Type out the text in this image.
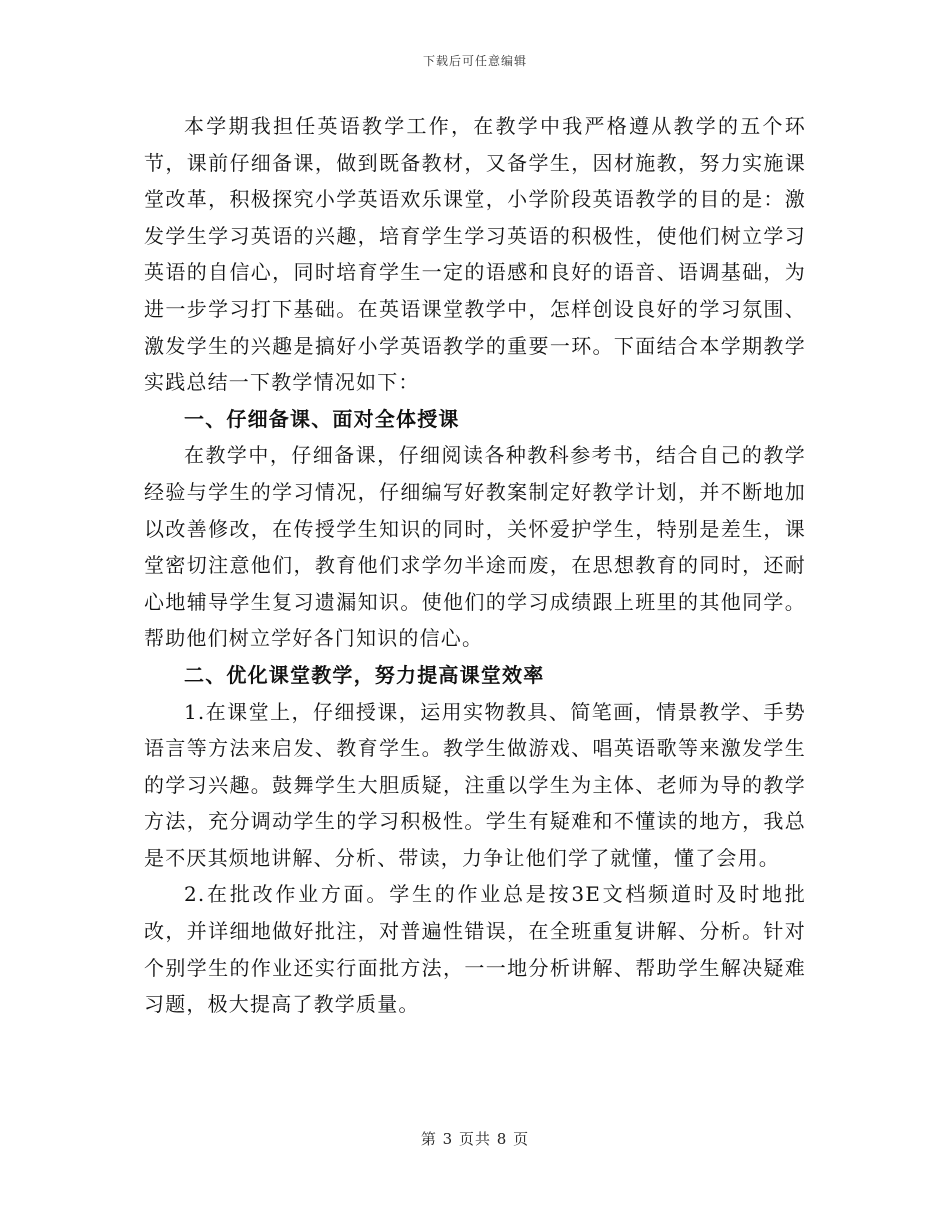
下载后可任意编辑

本学期我担任英语教学工作，在教学中我严格遵从教学的五个环节，课前仔细备课，做到既备教材，又备学生，因材施教，努力实施课堂改革，积极探究小学英语欢乐课堂，小学阶段英语教学的目的是：激发学生学习英语的兴趣，培育学生学习英语的积极性，使他们树立学习英语的自信心，同时培育学生一定的语感和良好的语音、语调基础，为进一步学习打下基础。在英语课堂教学中，怎样创设良好的学习氛围、激发学生的兴趣是搞好小学英语教学的重要一环。下面结合本学期教学实践总结一下教学情况如下：

一、仔细备课、面对全体授课

在教学中，仔细备课，仔细阅读各种教科参考书，结合自己的教学经验与学生的学习情况，仔细编写好教案制定好教学计划，并不断地加以改善修改，在传授学生知识的同时，关怀爱护学生，特别是差生，课堂密切注意他们，教育他们求学勿半途而废，在思想教育的同时，还耐心地辅导学生复习遗漏知识。使他们的学习成绩跟上班里的其他同学。帮助他们树立学好各门知识的信心。

二、优化课堂教学，努力提高课堂效率

1.在课堂上，仔细授课，运用实物教具、简笔画，情景教学、手势语言等方法来启发、教育学生。教学生做游戏、唱英语歌等来激发学生的学习兴趣。鼓舞学生大胆质疑，注重以学生为主体、老师为导的教学方法，充分调动学生的学习积极性。学生有疑难和不懂读的地方，我总是不厌其烦地讲解、分析、带读，力争让他们学了就懂，懂了会用。

2.在批改作业方面。学生的作业总是按3E文档频道时及时地批改，并详细地做好批注，对普遍性错误，在全班重复讲解、分析。针对个别学生的作业还实行面批方法，一一地分析讲解、帮助学生解决疑难习题，极大提高了教学质量。

第 3 页共 8 页
